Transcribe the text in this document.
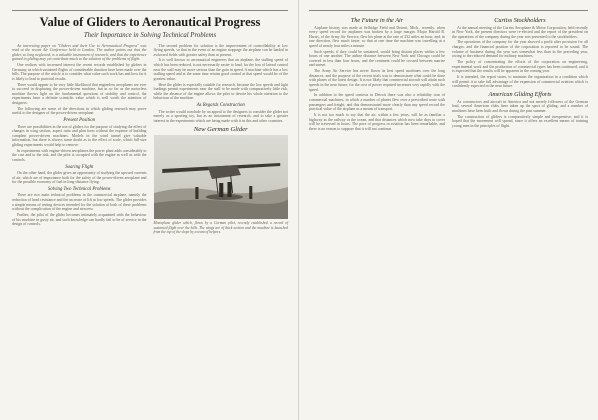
Value of Gliders to Aeronautical Progress
Their Importance in Solving Technical Problems

An interesting paper on "Gliders and their Use to Aeronautical Progress" was read at the recent Air Conference held in London. The author points out that the glider, so long neglected, is a valuable instrument of research, and that the experience gained in gliding may yet contribute much to the solution of the problems of flight.

One realizes with increased interest the recent records established by gliders in Germany, in which sustained flights of considerable duration have been made over the hills. The purpose of the article is to consider what value such work has and how far it is likely to lead to practical results.

There would appear to be very little likelihood that engineless aeroplanes are ever to succeed in displacing the power-driven machine, but in so far as the motorless machine throws light on the fundamental questions of stability and control, the experiments have a definite scientific value which is well worth the attention of designers.

The following are some of the directions in which gliding research may prove useful to the designer of the power-driven aeroplane.

Present Position

There are possibilities in the use of gliders for the purpose of studying the effect of changes in wing section, aspect ratio and plan form without the expense of building complete power-driven machines. Models in the wind tunnel give valuable information, but there is always some doubt as to the effect of scale, which full-size gliding experiments would help to remove.

In experiments with engine-driven aeroplanes the power plant adds considerably to the cost and to the risk, and the pilot is occupied with the engine as well as with the controls.

Soaring Flight

On the other hand, the glider gives an opportunity of studying the upward currents of air, which are of importance both for the safety of the power-driven aeroplane and for the possible economy of fuel in long-distance flying.

Solving Two Technical Problems

There are two main technical problems in the commercial airplane, namely the reduction of head resistance and the increase of lift at low speeds. The glider provides a simple means of testing devices intended for the solution of both of these problems without the complication of the engine and airscrew.

Further, the pilot of the glider becomes intimately acquainted with the behaviour of his machine in gusty air, and such knowledge can hardly fail to be of service in the design of controls.

The second problem for solution is the improvement of controllability at low flying speeds, so that in the event of an engine stoppage the airplane can be landed in awkward fields with greater safety than at present.

It is well known to aeronautical engineers that an airplane, the stalling speed of which has been reduced, is not necessarily easier to land, for the loss of lateral control near the stall may be more serious than the gain in speed. A machine which has a low stalling speed and at the same time retains good control at that speed would be of the greatest value.

Here the glider is especially suitable for research, because the low speeds and light loadings permit experiments near the stall to be made with comparatively little risk, while the absence of the engine allows the pilot to devote his whole attention to the behaviour of the machine.

As Regards Construction

The writer would conclude by an appeal to the designers to consider the glider not merely as a sporting toy, but as an instrument of research, and to take a greater interest in the experiments which are being made with it in this and other countries.

New German Glider

Monoplane glider which, flown by a German pilot, recently established a record of sustained flight over the hills. The wings are of thick section and the machine is launched from the top of the slope by a team of helpers.

The Future in the Air

Airplane history was made at Selfridge Field and Detroit, Mich., recently, when every speed record for airplanes was broken by a large margin. Major Harold R. Harris, of the Army Air Service, flew his plane at the rate of 232 miles an hour, and, in one direction, flew much faster, so that at one time the machine was travelling at a speed of nearly four miles a minute.

Such speeds, if they could be sustained, would bring distant places within a few hours of one another. The airline distance between New York and Chicago could be covered in less than four hours, and the continent could be crossed between sunrise and sunset.

The Army Air Service has never flown its best speed machines over the long distances, and the purpose of the recent trials was to demonstrate what could be done with planes of the latest design. It is not likely that commercial aircraft will attain such speeds in the near future, for the cost of power required increases very rapidly with the speed.

In addition to the speed contests in Detroit there was also a reliability tour of commercial machines, in which a number of planes flew over a prescribed route with passengers and freight, and this demonstrated more clearly than any speed record the practical value of the airplane as a means of transport.

It is not too much to say that the air, within a few years, will be as familiar a highway as the railway or the ocean, and that distances which now take days to cover will be traversed in hours. The pace of progress in aviation has been remarkable, and there is no reason to suppose that it will not continue.

Curtiss Stockholders

At the annual meeting of the Curtiss Aeroplane & Motor Corporation, held recently in New York, the present directors were re-elected and the report of the president on the operations of the company during the year was presented to the stockholders.

The operations of the company for the year showed a profit after provision for all charges, and the financial position of the corporation is reported to be sound. The volume of business during the year was somewhat less than in the preceding year, owing to the reduced demand for military machines.

The policy of concentrating the efforts of the corporation on engineering, experimental work and the production of commercial types has been continued, and it is expected that the results will be apparent in the coming year.

It is intended, the report states, to maintain the organization in a condition which will permit it to take full advantage of the expansion of commercial aviation which is confidently expected in the near future.

American Gliding Efforts

As constructors and aircraft in America and not merely followers of the German lead, several American clubs have taken up the sport of gliding, and a number of machines have been built and flown during the past summer.

The construction of gliders is comparatively simple and inexpensive, and it is hoped that the movement will spread, since it offers an excellent means of training young men in the principles of flight.
